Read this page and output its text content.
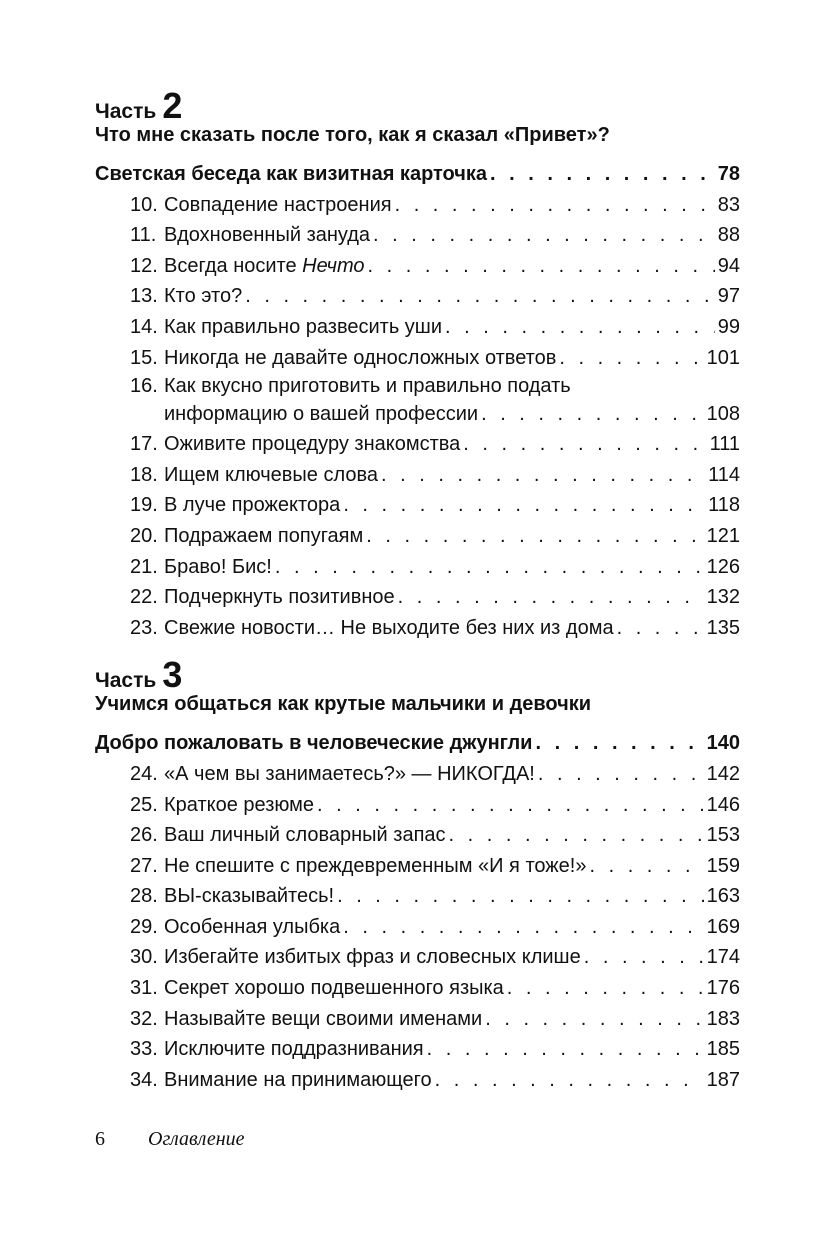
Часть 2
Что мне сказать после того, как я сказал «Привет»?
Светская беседа как визитная карточка . . .	78
10. Совпадение настроения . . .	83
11. Вдохновенный зануда . . .	88
12. Всегда носите Нечто . . .	94
13. Кто это? . . .	97
14. Как правильно развесить уши . . .	99
15. Никогда не давайте односложных ответов . . .	101
16. Как вкусно приготовить и правильно подать
информацию о вашей профессии . . .	108
17. Оживите процедуру знакомства . . .	111
18. Ищем ключевые слова . . .	114
19. В луче прожектора . . .	118
20. Подражаем попугаям . . .	121
21. Браво! Бис! . . .	126
22. Подчеркнуть позитивное . . .	132
23. Свежие новости… Не выходите без них из дома . . .	135
Часть 3
Учимся общаться как крутые мальчики и девочки
Добро пожаловать в человеческие джунгли . . .	140
24. «А чем вы занимаетесь?» — НИКОГДА! . . .	142
25. Краткое резюме . . .	146
26. Ваш личный словарный запас . . .	153
27. Не спешите с преждевременным «И я тоже!» . . .	159
28. ВЫ-сказывайтесь! . . .	163
29. Особенная улыбка . . .	169
30. Избегайте избитых фраз и словесных клише . . .	174
31. Секрет хорошо подвешенного языка . . .	176
32. Называйте вещи своими именами . . .	183
33. Исключите поддразнивания . . .	185
34. Внимание на принимающего . . .	187
6 Оглавление
